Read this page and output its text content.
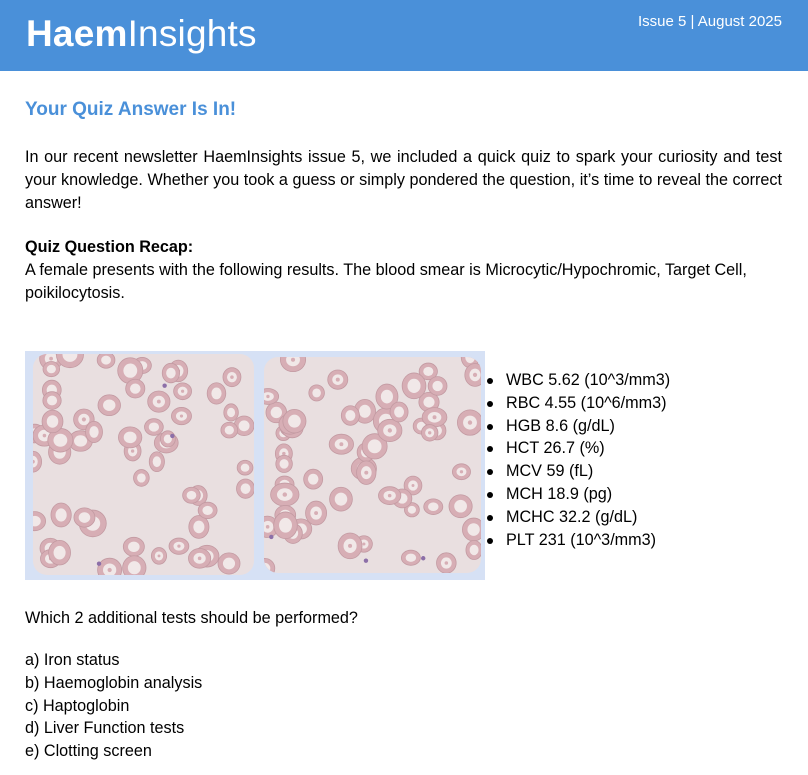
HaemInsights	Issue 5 | August 2025
Your Quiz Answer Is In!
In our recent newsletter HaemInsights issue 5, we included a quick quiz to spark your curiosity and test your knowledge. Whether you took a guess or simply pondered the question, it’s time to reveal the correct answer!
Quiz Question Recap:
A female presents with the following results. The blood smear is Microcytic/Hypochromic, Target Cell, poikilocytosis.
WBC 5.62 (10^3/mm3)
RBC 4.55 (10^6/mm3)
HGB 8.6 (g/dL)
HCT 26.7 (%)
MCV 59 (fL)
MCH 18.9 (pg)
MCHC 32.2 (g/dL)
PLT 231 (10^3/mm3)
Which 2 additional tests should be performed?
a) Iron status
b) Haemoglobin analysis
c) Haptoglobin
d) Liver Function tests
e) Clotting screen
